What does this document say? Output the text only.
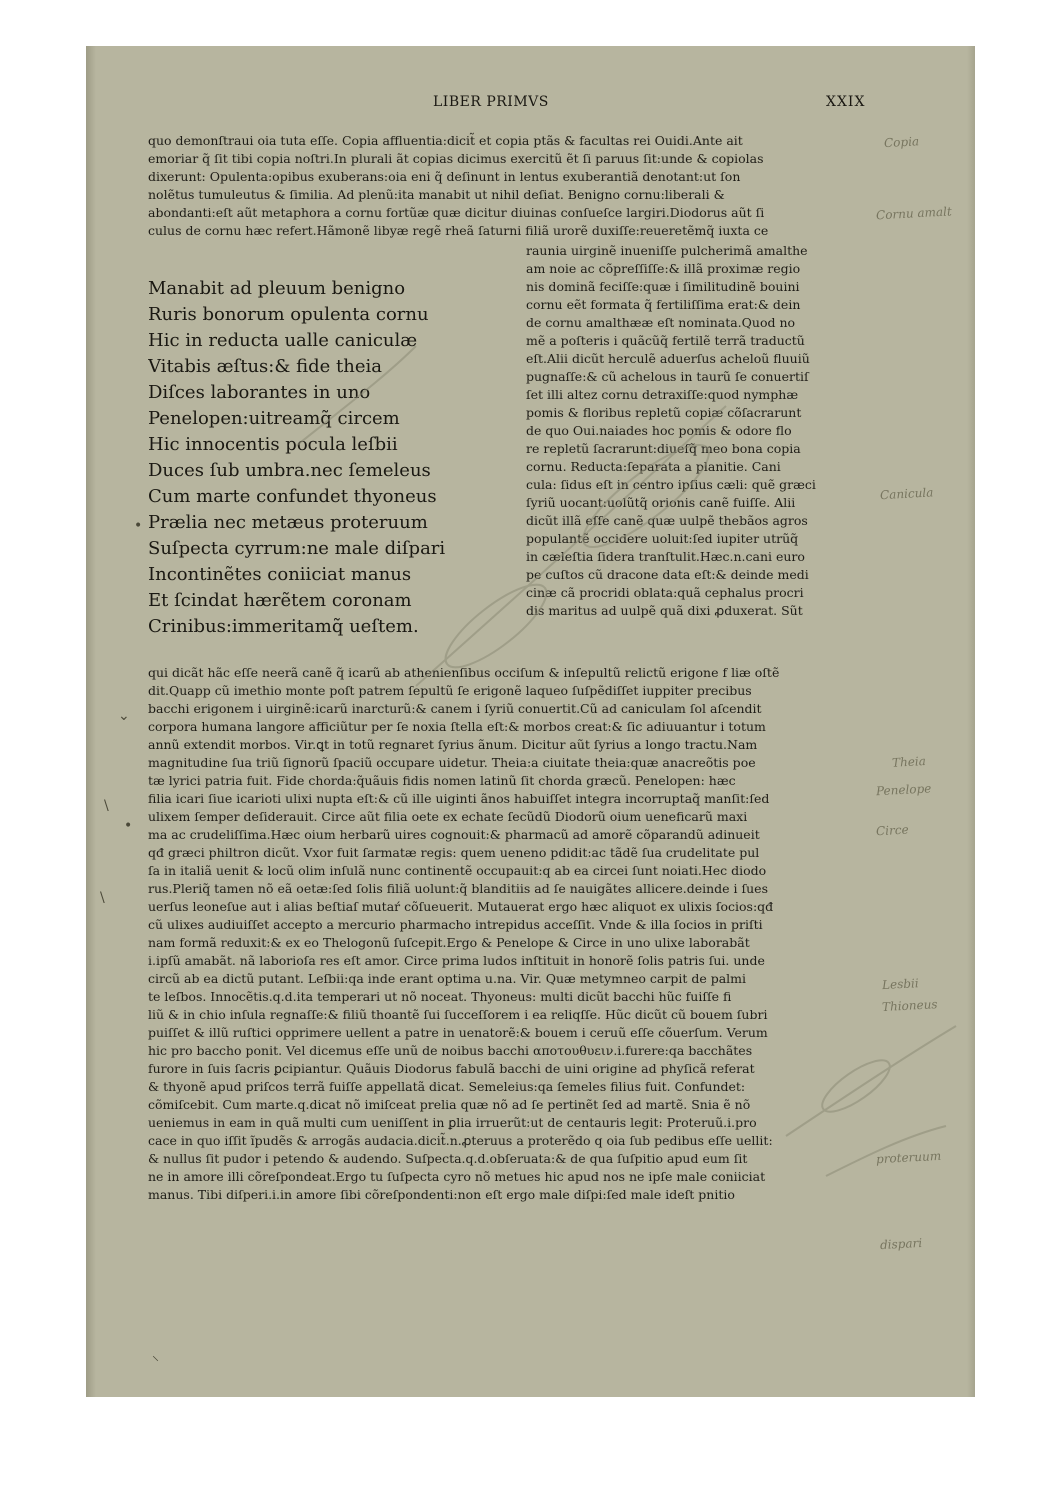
LIBER PRIMVS	XXIX
quo demonſtraui oia tuta eſſe. Copia affluentia:dicit̃ et copia ptãs & facultas rei Ouidi.Ante ait
emoriar q̃ ſit tibi copia noſtri.In plurali ãt copias dicimus exercitũ ẽt ſi paruus ſit:unde & copiolas
dixerunt: Opulenta:opibus exuberans:oia eni q̃ deſinunt in lentus exuberantiã denotant:ut ſon
nolẽtus tumuleutus & ſimilia. Ad plenũ:ita manabit ut nihil deſiat. Benigno cornu:liberali &
abondanti:eſt aũt metaphora a cornu fortũæ quæ dicitur diuinas conſueſce largiri.Diodorus aũt ſi
culus de cornu hæc refert.Hãmonẽ libyæ regẽ rheã ſaturni filiã urorẽ duxiſſe:reueretẽmq̃ iuxta ce
Manabit ad pleuum benigno
Ruris bonorum opulenta cornu
Hic in reducta ualle caniculæ
Vitabis æſtus:& fide theia
Diſces laborantes in uno
Penelopen:uitreamq̃ circem
Hic innocentis pocula leſbii
Duces ſub umbra.nec ſemeleus
Cum marte confundet thyoneus
Prælia nec metæus proteruum
Suſpecta cyrrum:ne male diſpari
Incontinẽtes coniiciat manus
Et ſcindat hærẽtem coronam
Crinibus:immeritamq̃ ueſtem.
raunia uirginẽ inueniſſe pulcherimã amalthe
am noie ac cõpreſſiſſe:& illã proximæ regio
nis dominã feciſſe:quæ i ſimilitudinẽ bouini
cornu eẽt formata q̃ fertiliſſima erat:& dein
de cornu amalthææ eſt nominata.Quod no
mẽ a poſteris i quãcũq̃ fertilẽ terrã traductũ
eſt.Alii dicũt herculẽ aduerſus acheloũ fluuiũ
pugnaſſe:& cũ achelous in taurũ ſe conuertiſ
ſet illi altez cornu detraxiſſe:quod nymphæ
pomis & floribus repletũ copiæ cõſacrarunt
de quo Oui.naiades hoc pomis & odore flo
re repletũ ſacrarunt:diueſq̃ meo bona copia
cornu. Reducta:ſeparata a planitie. Cani
cula: ſidus eſt in centro ipſius cæli: quẽ græci
ſyriũ uocant:uolũtq̃ orionis canẽ fuiſſe. Alii
dicũt illã eſſe canẽ quæ uulpẽ thebãos agros
populantẽ occidere uoluit:ſed iupiter utrũq̃
in cæleſtia ſidera tranſtulit.Hæc.n.cani euro
pe cuſtos cũ dracone data eſt:& deinde medi
cinæ cã procridi oblata:quã cephalus procri
dis maritus ad uulpẽ quã dixi ꝓduxerat. Sũt
qui dicãt hãc eſſe neerã canẽ q̃ icarũ ab athenienſibus occiſum & inſepultũ relictũ erigone f liæ oſtẽ
dit.Quapp cũ imethio monte poſt patrem ſepultũ ſe erigonẽ laqueo ſuſpẽdiſſet iuppiter precibus
bacchi erigonem i uirginẽ:icarũ inarcturũ:& canem i ſyriũ conuertit.Cũ ad caniculam ſol aſcendit
corpora humana langore afficiũtur per ſe noxia ſtella eſt:& morbos creat:& ſic adiuuantur i totum
annũ extendit morbos. Vir.ꝗt in totũ regnaret ſyrius ãnum. Dicitur aũt ſyrius a longo tractu.Nam
magnitudine ſua triũ ſignorũ ſpaciũ occupare uidetur. Theia:a ciuitate theia:quæ anacreõtis poe
tæ lyrici patria fuit. Fide chorda:q̃uãuis fidis nomen latinũ ſit chorda græcũ. Penelopen: hæc
filia icari ſiue icarioti ulixi nupta eſt:& cũ ille uiginti ãnos habuiſſet integra incorruptaq̃ manſit:ſed
ulixem ſemper deſiderauit. Circe aũt filia oete ex echate ſecũdũ Diodorũ oium ueneficarũ maxi
ma ac crudeliſſima.Hæc oium herbarũ uires cognouit:& pharmacũ ad amorẽ cõparandũ adinueit
qđ græci philtron dicũt. Vxor fuit ſarmatæ regis: quem ueneno pdidit:ac tãdẽ ſua crudelitate pul
ſa in italiã uenit & locũ olim inſulã nunc continentẽ occupauit:q ab ea circei ſunt noiati.Hec diodo
rus.Pleriq̃ tamen nõ eã oetæ:ſed ſolis filiã uolunt:q̃ blanditiis ad ſe nauigãtes allicere.deinde i ſues
uerſus leoneſue aut i alias beſtiaſ mutaŕ cõſueuerit. Mutauerat ergo hæc aliquot ex ulixis ſocios:qđ
cũ ulixes audiuiſſet accepto a mercurio pharmacho intrepidus acceſſit. Vnde & illa ſocios in priſti
nam formã reduxit:& ex eo Thelogonũ ſuſcepit.Ergo & Penelope & Circe in uno ulixe laborabãt
i.ipſũ amabãt. nã laborioſa res eſt amor. Circe prima ludos inſtituit in honorẽ ſolis patris ſui. unde
circũ ab ea dictũ putant. Leſbii:qa inde erant optima u.na. Vir. Quæ metymneo carpit de palmi
te leſbos. Innocẽtis.q.d.ita temperari ut nõ noceat. Thyoneus: multi dicũt bacchi hũc fuiſſe fi
liũ & in chio inſula regnaſſe:& filiũ thoantẽ ſui ſucceſſorem i ea reliqſſe. Hũc dicũt cũ bouem ſubri
puiſſet & illũ ruſtici opprimere uellent a patre in uenatorẽ:& bouem i ceruũ eſſe cõuerſum. Verum
hic pro baccho ponit. Vel dicemus eſſe unũ de noibus bacchi αποτουθυειν.i.furere:qa bacchãtes
furore in ſuis ſacris ꝑcipiantur. Quãuis Diodorus fabulã bacchi de uini origine ad phyſicã referat
& thyonẽ apud priſcos terrã fuiſſe appellatã dicat. Semeleius:qa ſemeles filius fuit. Confundet:
cõmiſcebit. Cum marte.q.dicat nõ imiſceat prelia quæ nõ ad ſe pertinẽt ſed ad martẽ. Snia ẽ nõ
ueniemus in eam in quã multi cum ueniſſent in ꝑlia irruerũt:ut de centauris legit: Proteruũ.i.pro
cace in quo iſſit ĩpudẽs & arrogãs audacia.dicit̃.n.ꝓteruus a proterẽdo q oia ſub pedibus eſſe uellit:
& nullus ſit pudor i petendo & audendo. Suſpecta.q.d.obſeruata:& de qua ſuſpitio apud eum ſit
ne in amore illi cõreſpondeat.Ergo tu ſuſpecta cyro nõ metues hic apud nos ne ipſe male coniiciat
manus. Tibi diſperi.i.in amore ſibi cõreſpondenti:non eſt ergo male diſpi:ſed male ideſt pnitio
Copia
Cornu amalt
Canicula
Theia
Penelope
Circe
Lesbii
Thioneus
proteruum
dispari
•
⌄
\
•
\
⸜
